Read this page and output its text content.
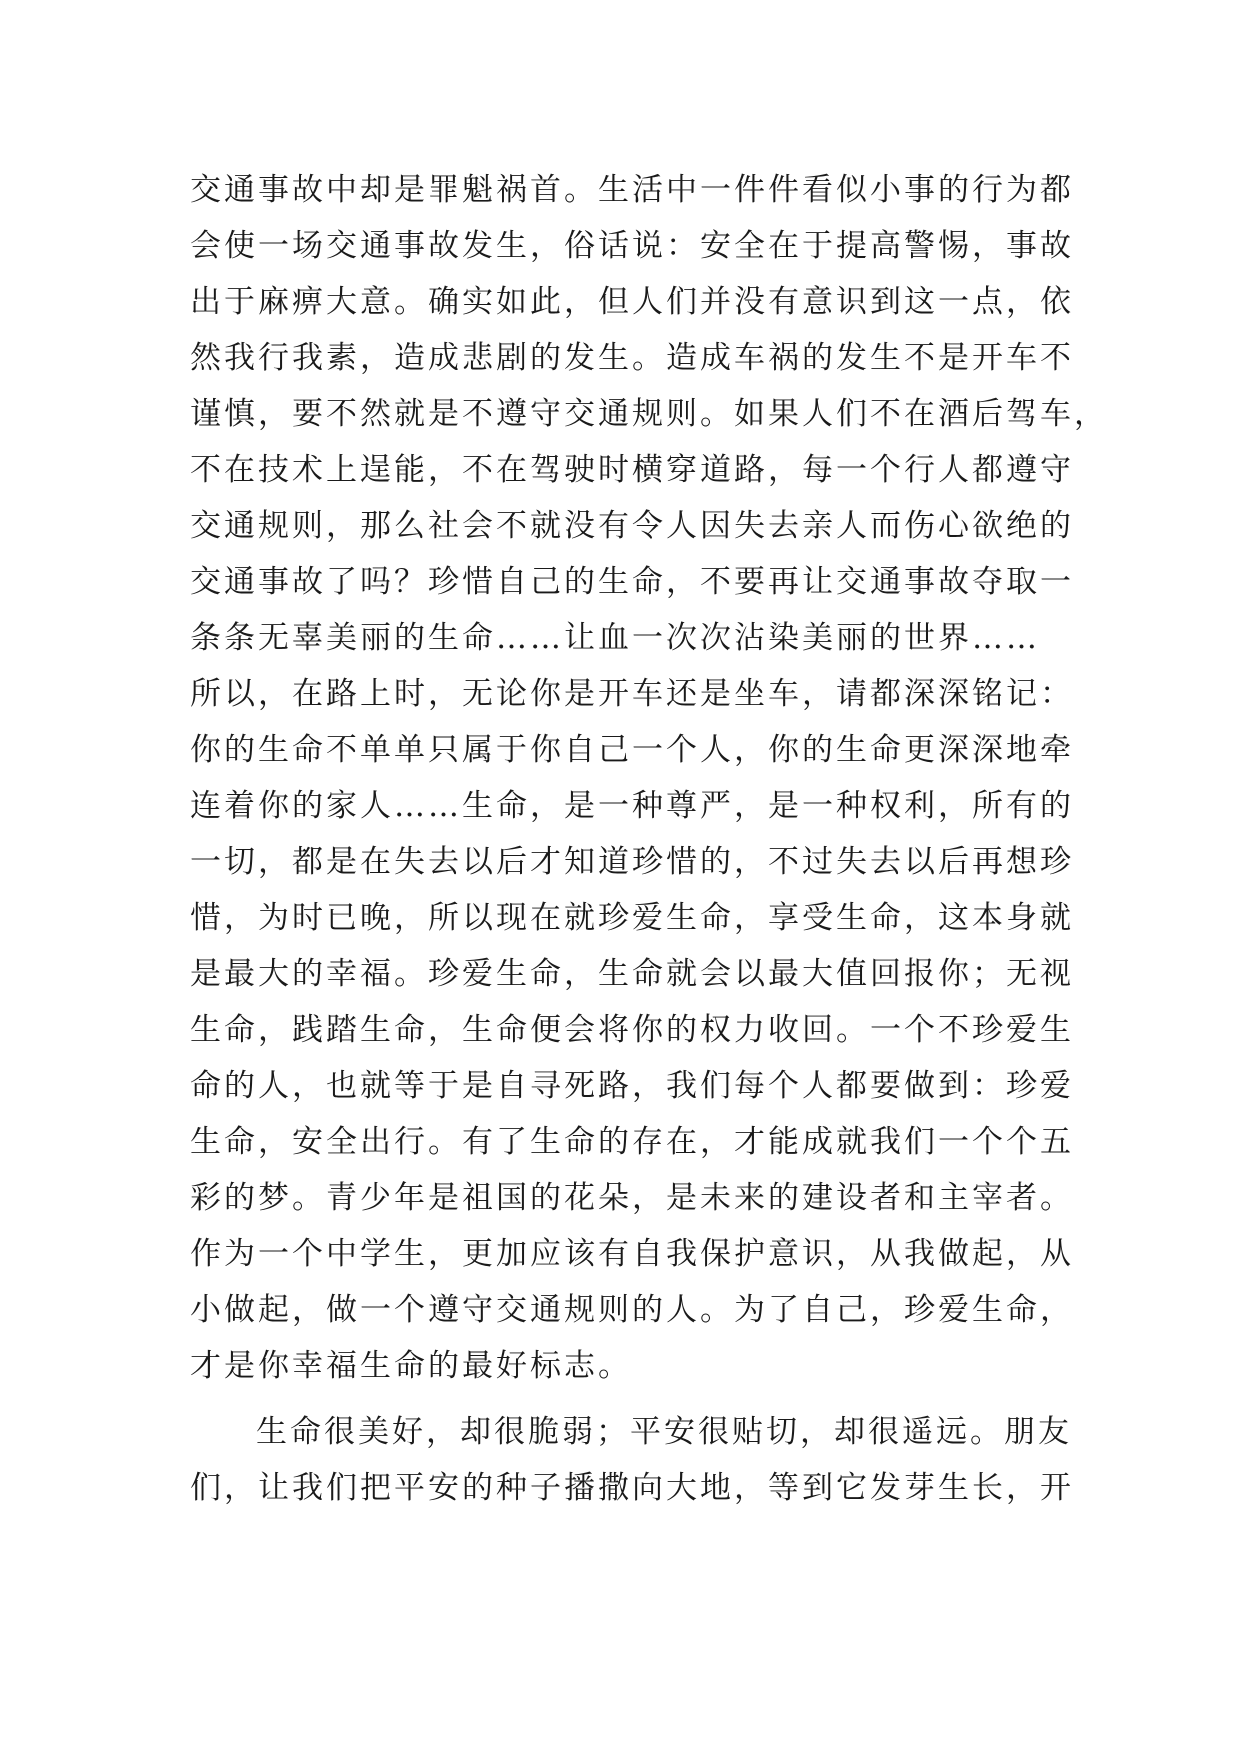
交通事故中却是罪魁祸首。生活中一件件看似小事的行为都
会使一场交通事故发生，俗话说：安全在于提高警惕，事故
出于麻痹大意。确实如此，但人们并没有意识到这一点，依
然我行我素，造成悲剧的发生。造成车祸的发生不是开车不
谨慎，要不然就是不遵守交通规则。如果人们不在酒后驾车，
不在技术上逞能，不在驾驶时横穿道路，每一个行人都遵守
交通规则，那么社会不就没有令人因失去亲人而伤心欲绝的
交通事故了吗？珍惜自己的生命，不要再让交通事故夺取一
条条无辜美丽的生命……让血一次次沾染美丽的世界……
所以，在路上时，无论你是开车还是坐车，请都深深铭记：
你的生命不单单只属于你自己一个人，你的生命更深深地牵
连着你的家人……生命，是一种尊严，是一种权利，所有的
一切，都是在失去以后才知道珍惜的，不过失去以后再想珍
惜，为时已晚，所以现在就珍爱生命，享受生命，这本身就
是最大的幸福。珍爱生命，生命就会以最大值回报你；无视
生命，践踏生命，生命便会将你的权力收回。一个不珍爱生
命的人，也就等于是自寻死路，我们每个人都要做到：珍爱
生命，安全出行。有了生命的存在，才能成就我们一个个五
彩的梦。青少年是祖国的花朵，是未来的建设者和主宰者。
作为一个中学生，更加应该有自我保护意识，从我做起，从
小做起，做一个遵守交通规则的人。为了自己，珍爱生命，
才是你幸福生命的最好标志。
生命很美好，却很脆弱；平安很贴切，却很遥远。朋友
们，让我们把平安的种子播撒向大地，等到它发芽生长，开
